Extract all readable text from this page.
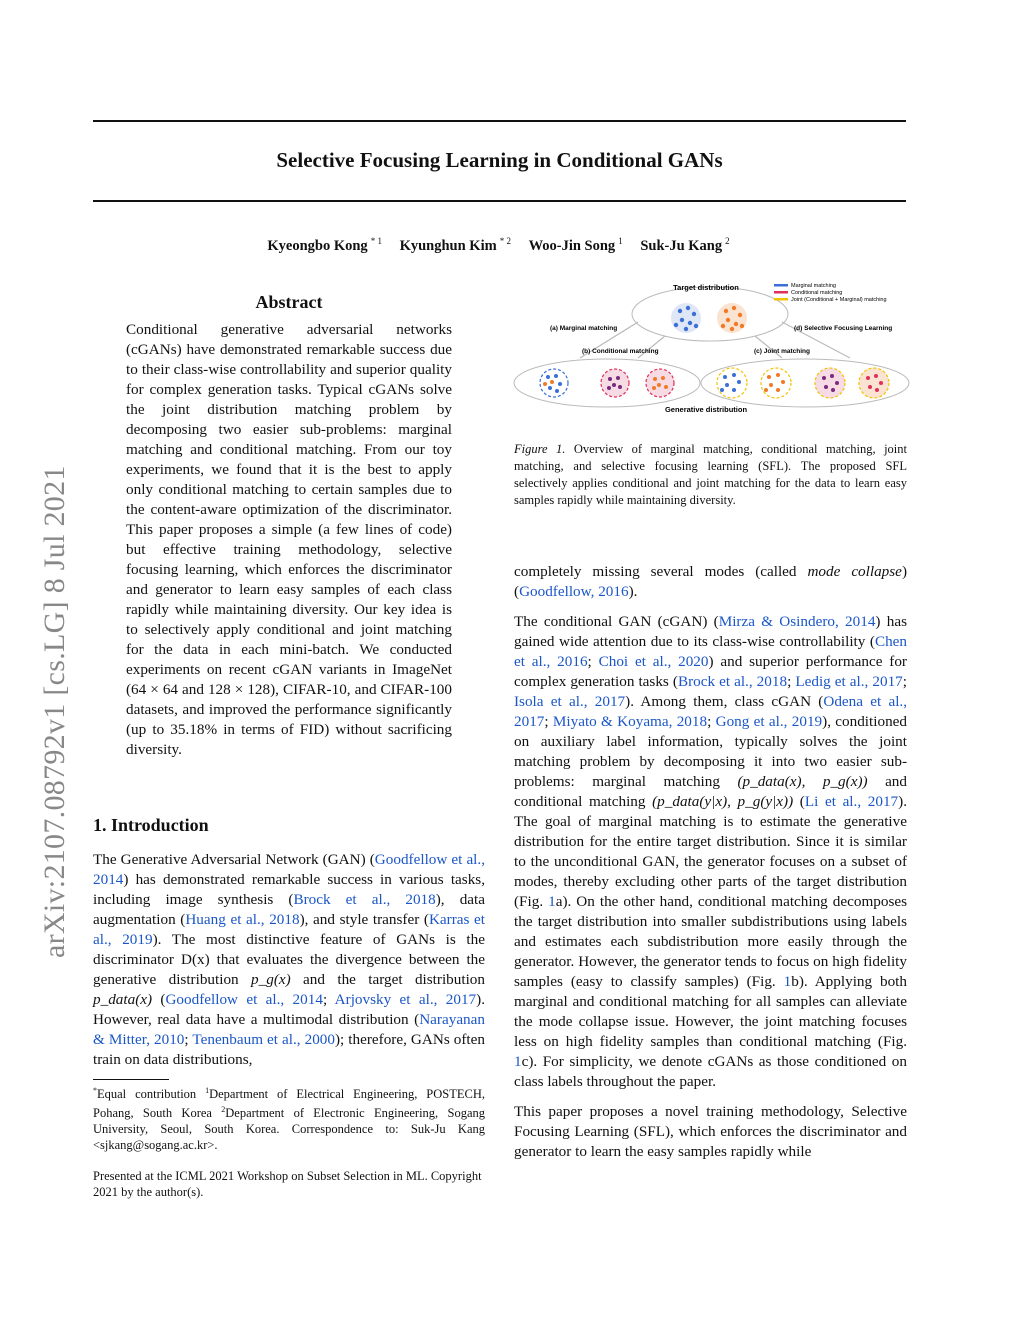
Selective Focusing Learning in Conditional GANs
Kyeongbo Kong $^{* 1}$ Kyunghun Kim $^{* 2}$ Woo-Jin Song $^1$ Suk-Ju Kang $^2$
arXiv:2107.08792v1 [cs.LG] 8 Jul 2021
Abstract

Conditional generative adversarial networks (cGANs) have demonstrated remarkable success due to their class-wise controllability and superior quality for complex generation tasks. Typical cGANs solve the joint distribution matching problem by decomposing two easier sub-problems: marginal matching and conditional matching. From our toy experiments, we found that it is the best to apply only conditional matching to certain samples due to the content-aware optimization of the discriminator. This paper proposes a simple (a few lines of code) but effective training methodology, selective focusing learning, which enforces the discriminator and generator to learn easy samples of each class rapidly while maintaining diversity. Our key idea is to selectively apply conditional and joint matching for the data in each mini-batch. We conducted experiments on recent cGAN variants in ImageNet (64 × 64 and 128 × 128), CIFAR-10, and CIFAR-100 datasets, and improved the performance significantly (up to 35.18% in terms of FID) without sacrificing diversity.

1. Introduction

The Generative Adversarial Network (GAN) (Goodfellow et al., 2014) has demonstrated remarkable success in various tasks, including image synthesis (Brock et al., 2018), data augmentation (Huang et al., 2018), and style transfer (Karras et al., 2019). The most distinctive feature of GANs is the discriminator D(x) that evaluates the divergence between the generative distribution p_g(x) and the target distribution p_data(x) (Goodfellow et al., 2014; Arjovsky et al., 2017). However, real data have a multimodal distribution (Narayanan & Mitter, 2010; Tenenbaum et al., 2000); therefore, GANs often train on data distributions,

*Equal contribution $^1$Department of Electrical Engineering, POSTECH, Pohang, South Korea $^2$Department of Electronic Engineering, Sogang University, Seoul, South Korea. Correspondence to: Suk-Ju Kang <sjkang@sogang.ac.kr>.
Presented at the ICML 2021 Workshop on Subset Selection in ML. Copyright 2021 by the author(s).
Target distribution
Generative distribution
(a) Marginal matching
(b) Conditional matching	(c) Joint matching
(d) Selective Focusing Learning
Marginal matching
Conditional matching
Joint (Conditional + Marginal) matching
Figure 1. Overview of marginal matching, conditional matching, joint matching, and selective focusing learning (SFL). The proposed SFL selectively applies conditional and joint matching for the data to learn easy samples rapidly while maintaining diversity.

completely missing several modes (called mode collapse) (Goodfellow, 2016).

The conditional GAN (cGAN) (Mirza & Osindero, 2014) has gained wide attention due to its class-wise controllability (Chen et al., 2016; Choi et al., 2020) and superior performance for complex generation tasks (Brock et al., 2018; Ledig et al., 2017; Isola et al., 2017). Among them, class cGAN (Odena et al., 2017; Miyato & Koyama, 2018; Gong et al., 2019), conditioned on auxiliary label information, typically solves the joint matching problem by decomposing it into two easier sub-problems: marginal matching (p_data(x), p_g(x)) and conditional matching (p_data(y|x), p_g(y|x)) (Li et al., 2017). The goal of marginal matching is to estimate the generative distribution for the entire target distribution. Since it is similar to the unconditional GAN, the generator focuses on a subset of modes, thereby excluding other parts of the target distribution (Fig. 1a). On the other hand, conditional matching decomposes the target distribution into smaller subdistributions using labels and estimates each subdistribution more easily through the generator. However, the generator tends to focus on high fidelity samples (easy to classify samples) (Fig. 1b). Applying both marginal and conditional matching for all samples can alleviate the mode collapse issue. However, the joint matching focuses less on high fidelity samples than conditional matching (Fig. 1c). For simplicity, we denote cGANs as those conditioned on class labels throughout the paper.

This paper proposes a novel training methodology, Selective Focusing Learning (SFL), which enforces the discriminator and generator to learn the easy samples rapidly while
